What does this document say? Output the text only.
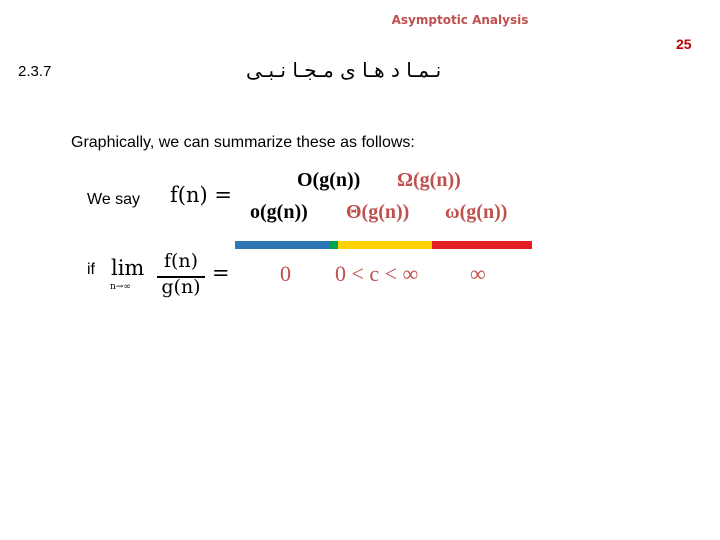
Asymptotic Analysis
25
2.3.7	نـمـا د هـا ی مـجـا نـبـی
Graphically, we can summarize these as follows:
We say f(n) =
if lim
n→∞
f(n)
g(n)
=
O(g(n)) Ω(g(n))
o(g(n)) Θ(g(n)) ω(g(n))
0 0 < c < ∞ ∞
